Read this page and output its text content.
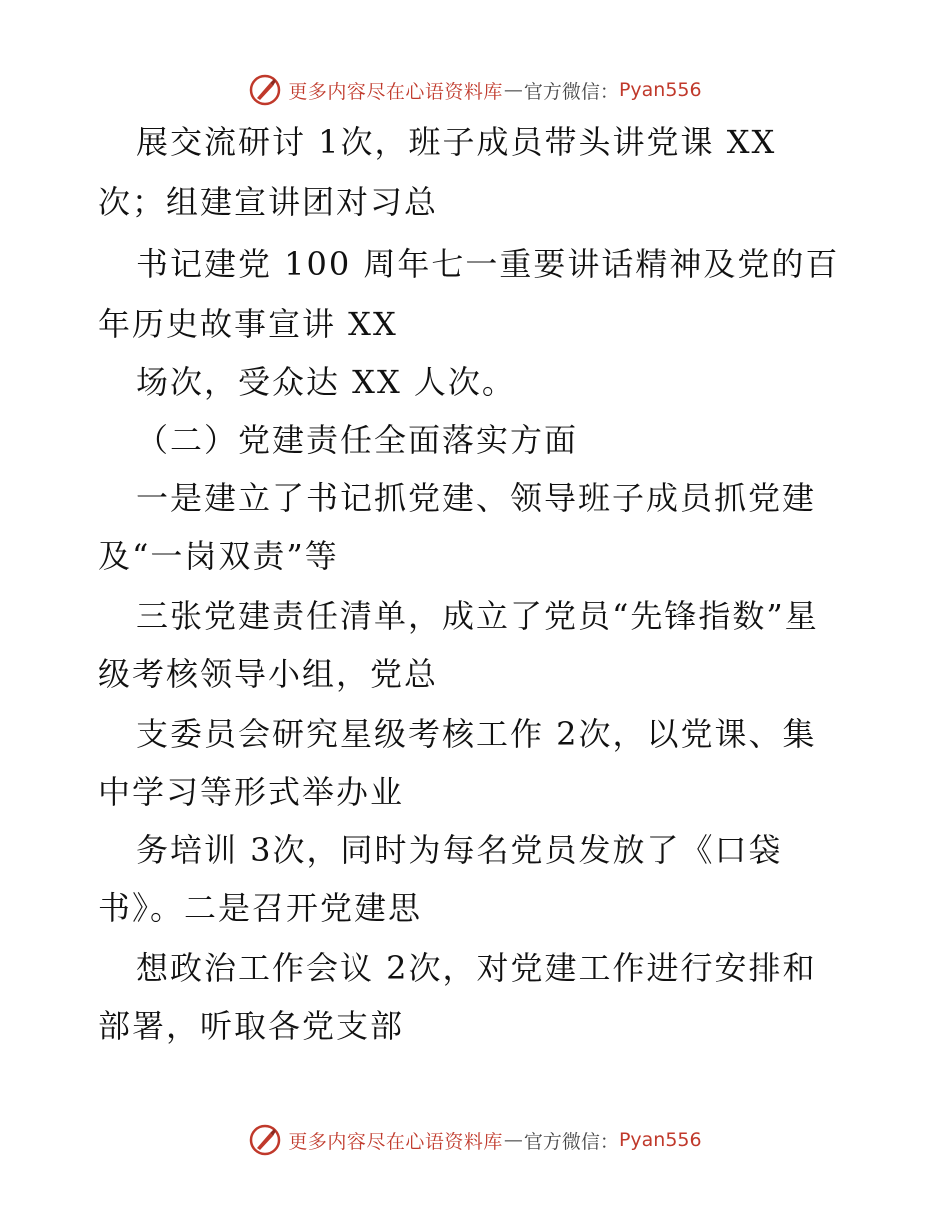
更多内容尽在心语资料库 — 官方微信： Pyan556
展交流研讨 1次，班子成员带头讲党课 XX
次；组建宣讲团对习总
书记建党 100 周年七一重要讲话精神及党的百
年历史故事宣讲 XX
场次，受众达 XX 人次。
（二）党建责任全面落实方面
一是建立了书记抓党建、领导班子成员抓党建
及“一岗双责”等
三张党建责任清单，成立了党员“先锋指数”星
级考核领导小组，党总
支委员会研究星级考核工作 2次，以党课、集
中学习等形式举办业
务培训 3次，同时为每名党员发放了《口袋
书》。二是召开党建思
想政治工作会议 2次，对党建工作进行安排和
部署，听取各党支部
更多内容尽在心语资料库 — 官方微信： Pyan556
